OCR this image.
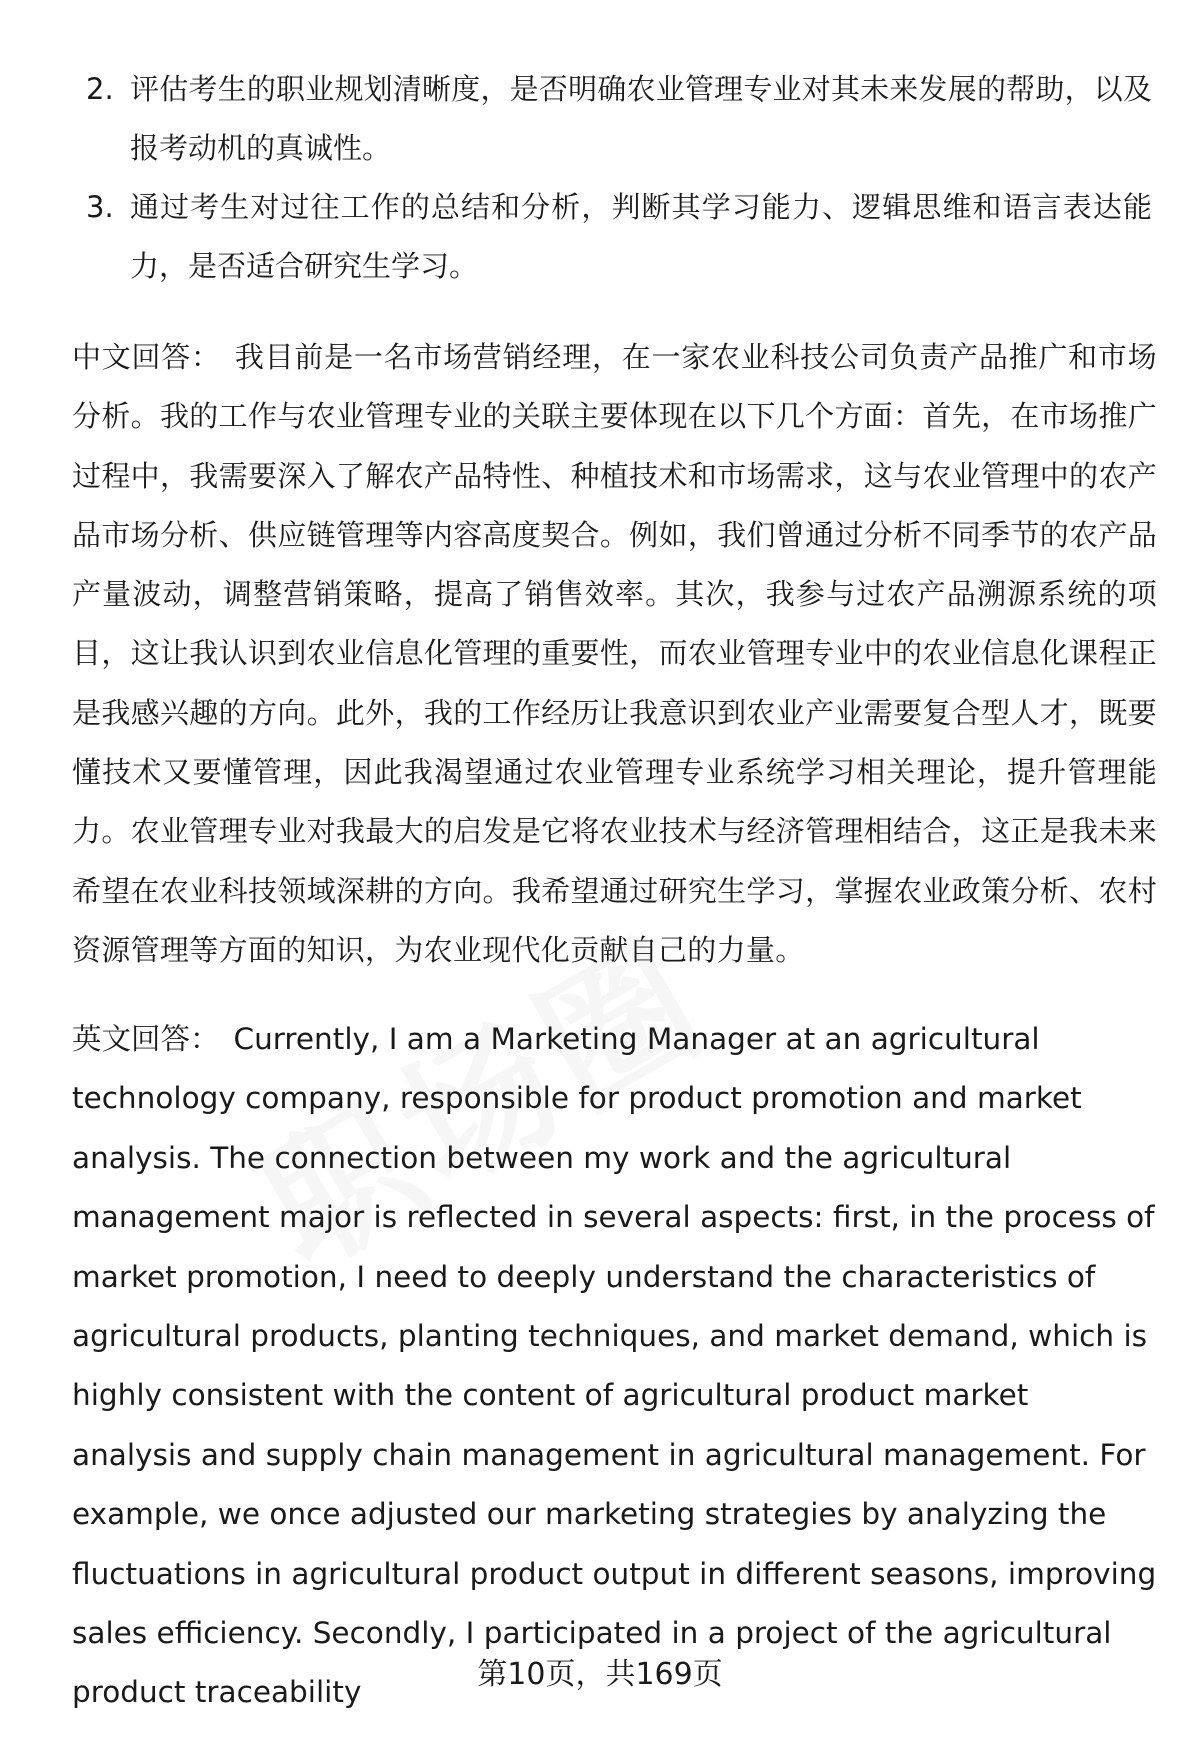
2. 评估考生的职业规划清晰度，是否明确农业管理专业对其未来发展的帮助，以及报考动机的真诚性。
3. 通过考生对过往工作的总结和分析，判断其学习能力、逻辑思维和语言表达能力，是否适合研究生学习。

中文回答： 我目前是一名市场营销经理，在一家农业科技公司负责产品推广和市场分析。我的工作与农业管理专业的关联主要体现在以下几个方面：首先，在市场推广过程中，我需要深入了解农产品特性、种植技术和市场需求，这与农业管理中的农产品市场分析、供应链管理等内容高度契合。例如，我们曾通过分析不同季节的农产品产量波动，调整营销策略，提高了销售效率。其次，我参与过农产品溯源系统的项目，这让我认识到农业信息化管理的重要性，而农业管理专业中的农业信息化课程正是我感兴趣的方向。此外，我的工作经历让我意识到农业产业需要复合型人才，既要懂技术又要懂管理，因此我渴望通过农业管理专业系统学习相关理论，提升管理能力。农业管理专业对我最大的启发是它将农业技术与经济管理相结合，这正是我未来希望在农业科技领域深耕的方向。我希望通过研究生学习，掌握农业政策分析、农村资源管理等方面的知识，为农业现代化贡献自己的力量。

英文回答： Currently, I am a Marketing Manager at an agricultural technology company, responsible for product promotion and market analysis. The connection between my work and the agricultural management major is reflected in several aspects: first, in the process of market promotion, I need to deeply understand the characteristics of agricultural products, planting techniques, and market demand, which is highly consistent with the content of agricultural product market analysis and supply chain management in agricultural management. For example, we once adjusted our marketing strategies by analyzing the fluctuations in agricultural product output in different seasons, improving sales efficiency. Secondly, I participated in a project of the agricultural product traceability

第10页，共169页
